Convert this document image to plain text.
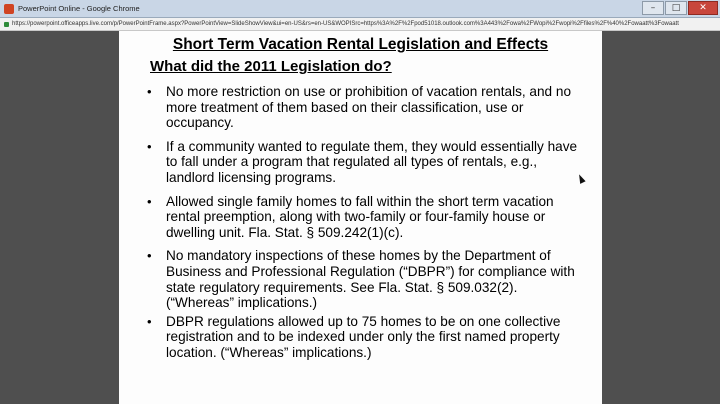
PowerPoint Online - Google Chrome	–	□	✕
https://powerpoint.officeapps.live.com/p/PowerPointFrame.aspx?PowerPointView=SlideShowView&ui=en-US&rs=en-US&WOPISrc=https%3A%2F%2Fpod51018.outlook.com%3A443%2Fowa%2FWopi%2Fwopi%2Ffiles%2F%40%2Fowaatt%3Fowaatt
Short Term Vacation Rental Legislation and Effects
What did the 2011 Legislation do?
• No more restriction on use or prohibition of vacation rentals, and no more treatment of them based on their classification, use or occupancy.
• If a community wanted to regulate them, they would essentially have to fall under a program that regulated all types of rentals, e.g., landlord licensing programs.
• Allowed single family homes to fall within the short term vacation rental preemption, along with two-family or four-family house or dwelling unit. Fla. Stat. § 509.242(1)(c).
• No mandatory inspections of these homes by the Department of Business and Professional Regulation (“DBPR”) for compliance with state regulatory requirements. See Fla. Stat. § 509.032(2). (“Whereas” implications.)
• DBPR regulations allowed up to 75 homes to be on one collective registration and to be indexed under only the first named property location. (“Whereas” implications.)
